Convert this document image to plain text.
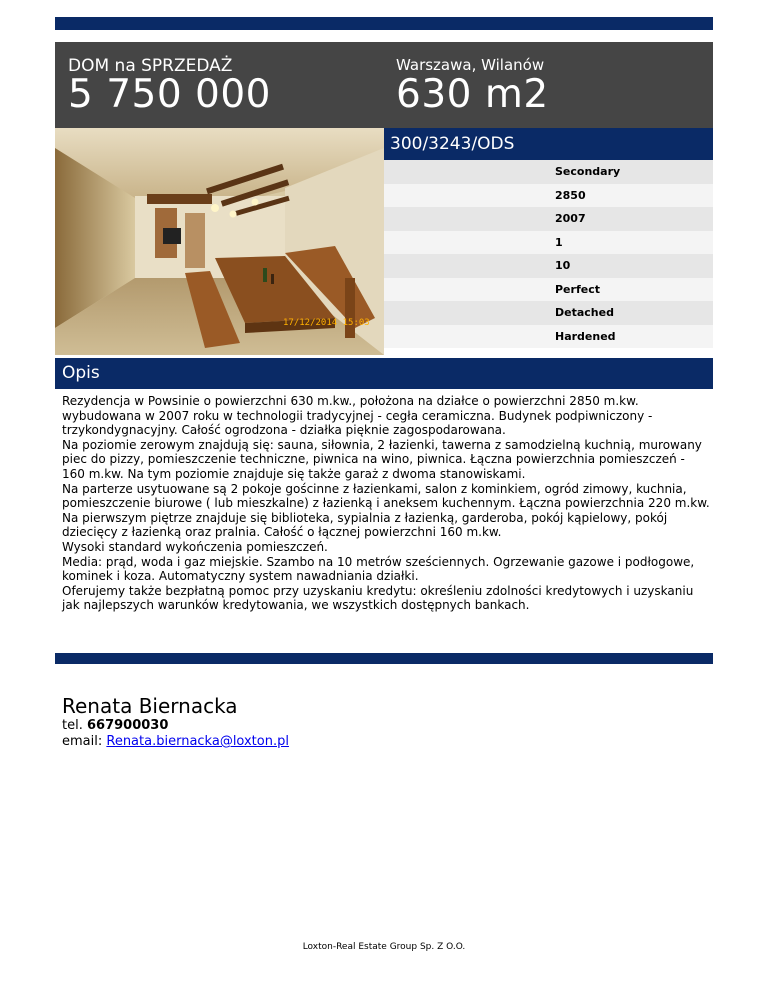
DOM na SPRZEDAŻ
5 750 000
Warszawa, Wilanów
630 m2
17/12/2014 15:03
300/3243/ODS
Secondary
2850
2007
1
10
Perfect
Detached
Hardened
Opis

Rezydencja w Powsinie o powierzchni 630 m.kw., położona na działce o powierzchni 2850 m.kw. wybudowana w 2007 roku w technologii tradycyjnej - cegła ceramiczna. Budynek podpiwniczony - trzykondygnacyjny. Całość ogrodzona - działka pięknie zagospodarowana.

Na poziomie zerowym znajdują się: sauna, siłownia, 2 łazienki, tawerna z samodzielną kuchnią, murowany piec do pizzy, pomieszczenie techniczne, piwnica na wino, piwnica. Łączna powierzchnia pomieszczeń - 160 m.kw. Na tym poziomie znajduje się także garaż z dwoma stanowiskami.

Na parterze usytuowane są 2 pokoje gościnne z łazienkami, salon z kominkiem, ogród zimowy, kuchnia, pomieszczenie biurowe ( lub mieszkalne) z łazienką i aneksem kuchennym. Łączna powierzchnia 220 m.kw.

Na pierwszym piętrze znajduje się biblioteka, sypialnia z łazienką, garderoba, pokój kąpielowy, pokój dziecięcy z łazienką oraz pralnia. Całość o łącznej powierzchni 160 m.kw.

Wysoki standard wykończenia pomieszczeń.

Media: prąd, woda i gaz miejskie. Szambo na 10 metrów sześciennych. Ogrzewanie gazowe i podłogowe, kominek i koza. Automatyczny system nawadniania działki.

Oferujemy także bezpłatną pomoc przy uzyskaniu kredytu: określeniu zdolności kredytowych i uzyskaniu jak najlepszych warunków kredytowania, we wszystkich dostępnych bankach.

Renata Biernacka
tel. 667900030
email: Renata.biernacka@loxton.pl
Loxton-Real Estate Group Sp. Z O.O.
